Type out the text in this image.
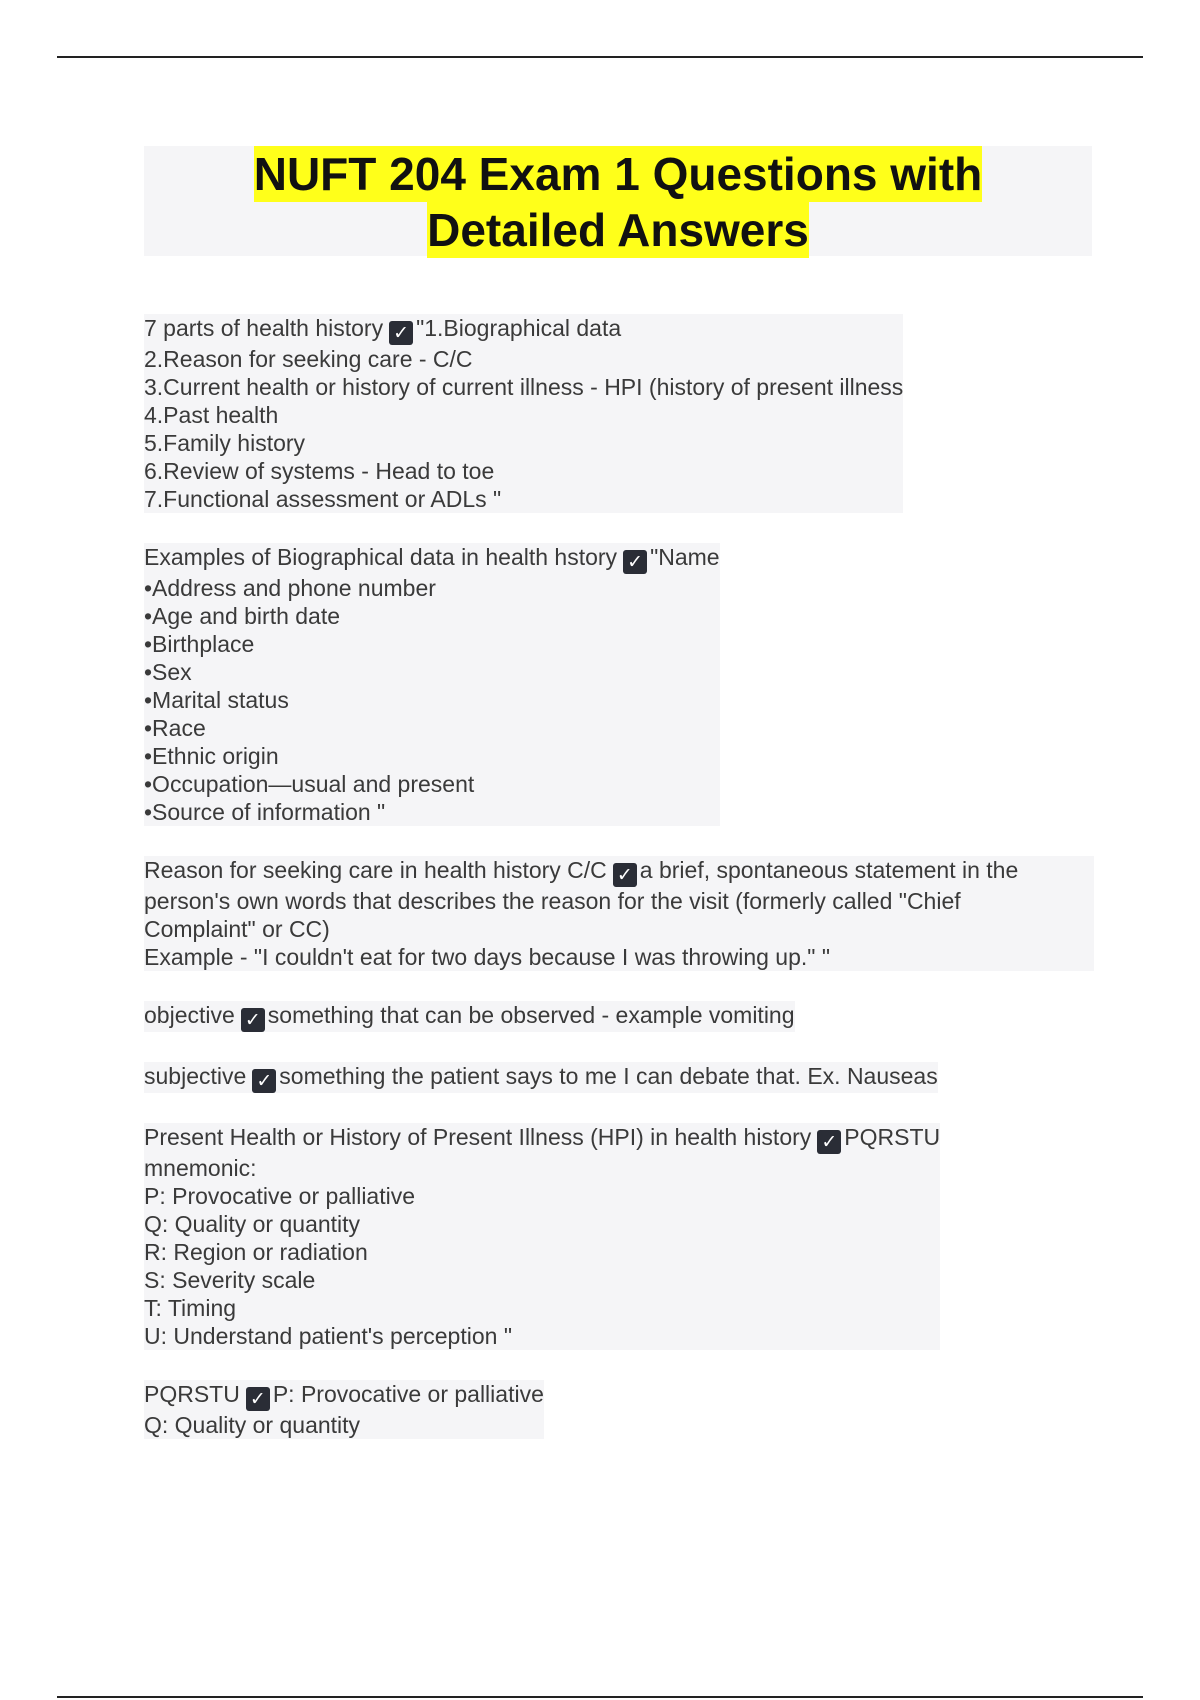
NUFT 204 Exam 1 Questions with
Detailed Answers
7 parts of health history ✓ "1.Biographical data
2.Reason for seeking care - C/C
3.Current health or history of current illness - HPI (history of present illness
4.Past health
5.Family history
6.Review of systems - Head to toe
7.Functional assessment or ADLs "
Examples of Biographical data in health hstory ✓ "Name
•Address and phone number
•Age and birth date
•Birthplace
•Sex
•Marital status
•Race
•Ethnic origin
•Occupation—usual and present
•Source of information "
Reason for seeking care in health history C/C ✓ a brief, spontaneous statement in the
person's own words that describes the reason for the visit (formerly called "Chief
Complaint" or CC)
Example - "I couldn't eat for two days because I was throwing up." "
objective ✓ something that can be observed - example vomiting
subjective ✓ something the patient says to me I can debate that. Ex. Nauseas
Present Health or History of Present Illness (HPI) in health history ✓ PQRSTU
mnemonic:
P: Provocative or palliative
Q: Quality or quantity
R: Region or radiation
S: Severity scale
T: Timing
U: Understand patient's perception "
PQRSTU ✓ P: Provocative or palliative
Q: Quality or quantity
